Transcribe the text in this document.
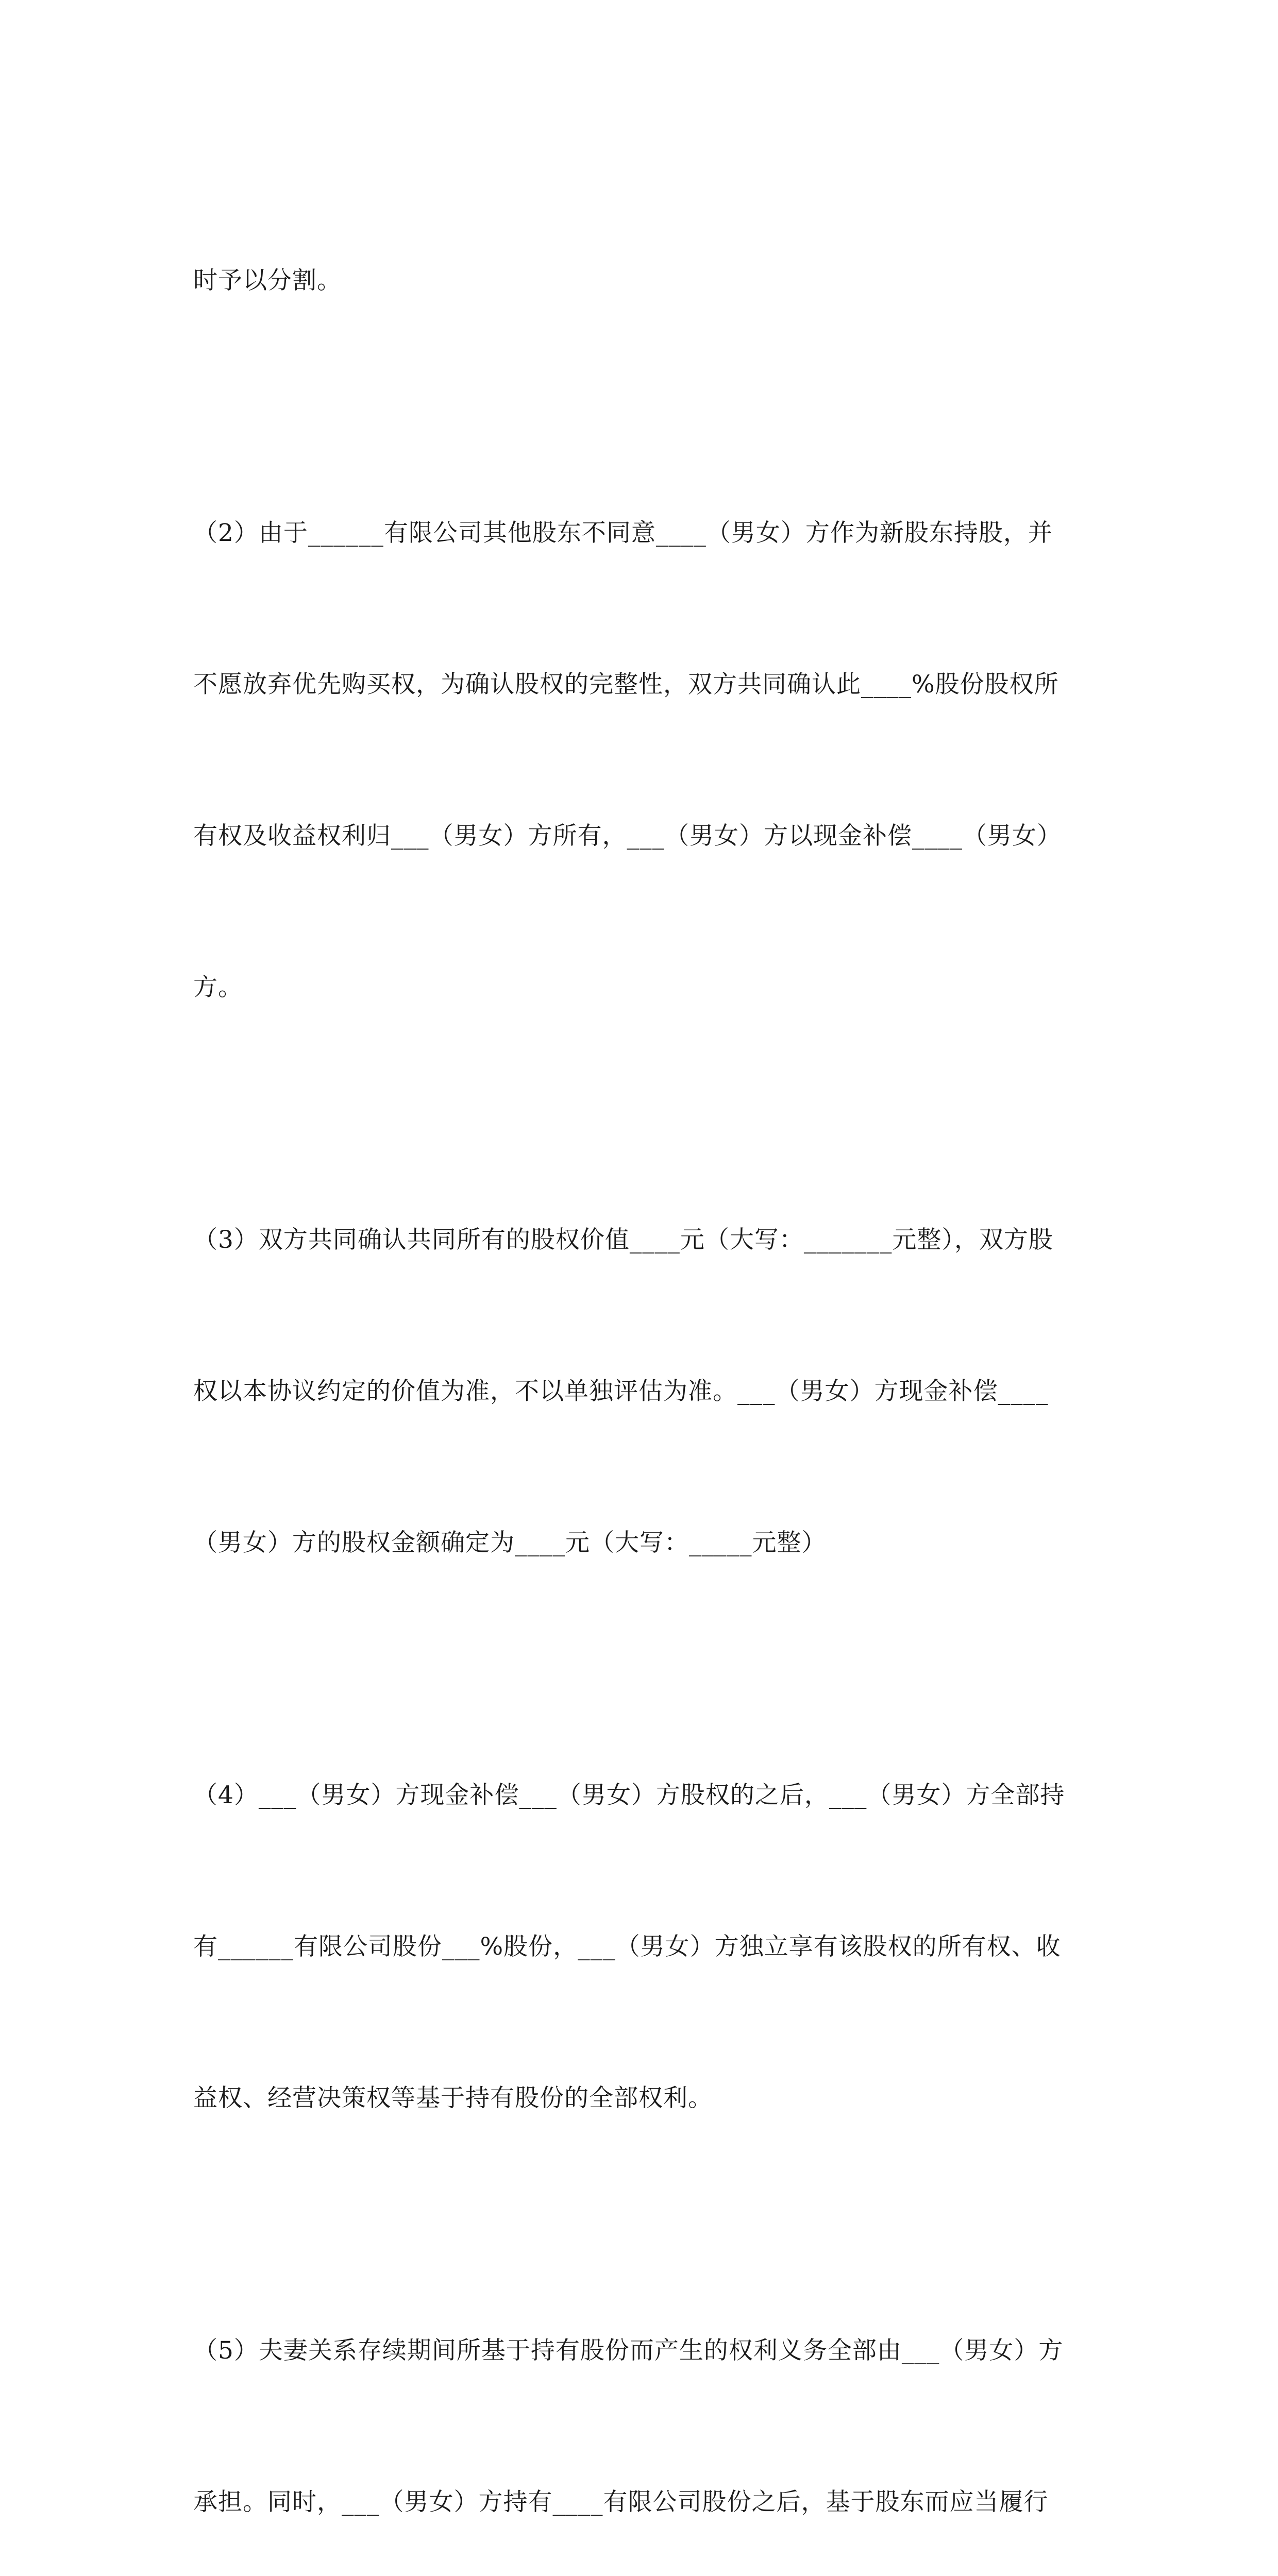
时予以分割。

（2）由于______有限公司其他股东不同意____（男女）方作为新股东持股，并

不愿放弃优先购买权，为确认股权的完整性，双方共同确认此____%股份股权所

有权及收益权利归___（男女）方所有，___（男女）方以现金补偿____（男女）

方。

（3）双方共同确认共同所有的股权价值____元（大写：_______元整），双方股

权以本协议约定的价值为准，不以单独评估为准。___（男女）方现金补偿____

（男女）方的股权金额确定为____元（大写：_____元整）

（4）___（男女）方现金补偿___（男女）方股权的之后，___（男女）方全部持

有______有限公司股份___%股份，___（男女）方独立享有该股权的所有权、收

益权、经营决策权等基于持有股份的全部权利。

（5）夫妻关系存续期间所基于持有股份而产生的权利义务全部由___（男女）方

承担。同时，___（男女）方持有____有限公司股份之后，基于股东而应当履行
